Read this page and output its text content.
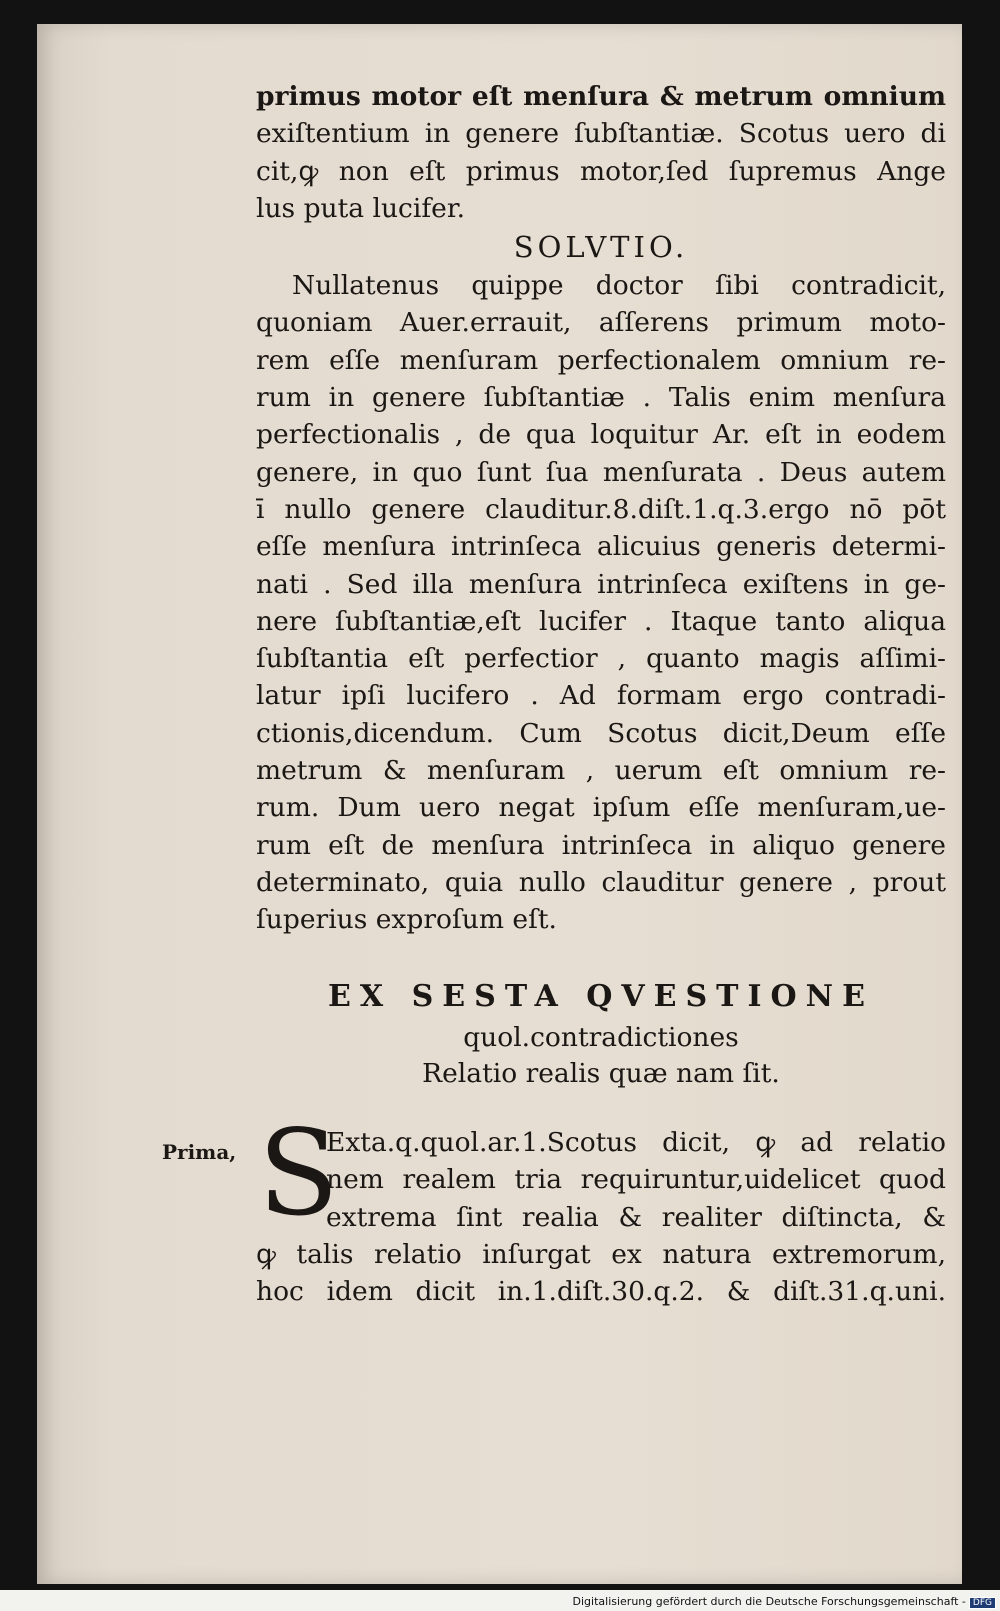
primus motor eſt menſura & metrum omnium
exiſtentium in genere ſubſtantiæ. Scotus uero di
cit,ꝙ non eſt primus motor,ſed ſupremus Ange
lus puta lucifer.
SOLVTIO.
Nullatenus quippe doctor ſibi contradicit,
quoniam Auer.errauit, aſſerens primum moto-
rem eſſe menſuram perfectionalem omnium re-
rum in genere ſubſtantiæ . Talis enim menſura
perfectionalis , de qua loquitur Ar. eſt in eodem
genere, in quo ſunt ſua menſurata . Deus autem
ī nullo genere clauditur.8.diſt.1.q.3.ergo nō pōt
eſſe menſura intrinſeca alicuius generis determi-
nati . Sed illa menſura intrinſeca exiſtens in ge-
nere ſubſtantiæ,eſt lucifer . Itaque tanto aliqua
ſubſtantia eſt perfectior , quanto magis aſſimi-
latur ipſi lucifero . Ad formam ergo contradi-
ctionis,dicendum. Cum Scotus dicit,Deum eſſe
metrum & menſuram , uerum eſt omnium re-
rum. Dum uero negat ipſum eſſe menſuram,ue-
rum eſt de menſura intrinſeca in aliquo genere
determinato, quia nullo clauditur genere , prout
ſuperius exproſum eſt.
EX SESTA QVESTIONE
quol.contradictiones
Relatio realis quæ nam ſit.
Prima, S
Exta.q.quol.ar.1.Scotus dicit, ꝙ ad relatio
nem realem tria requiruntur,uidelicet quod
extrema ſint realia & realiter diſtincta, &
ꝙ talis relatio inſurgat ex natura extremorum,
hoc idem dicit in.1.diſt.30.q.2. & diſt.31.q.uni.
Digitalisierung gefördert durch die Deutsche Forschungsgemeinschaft - DFG
